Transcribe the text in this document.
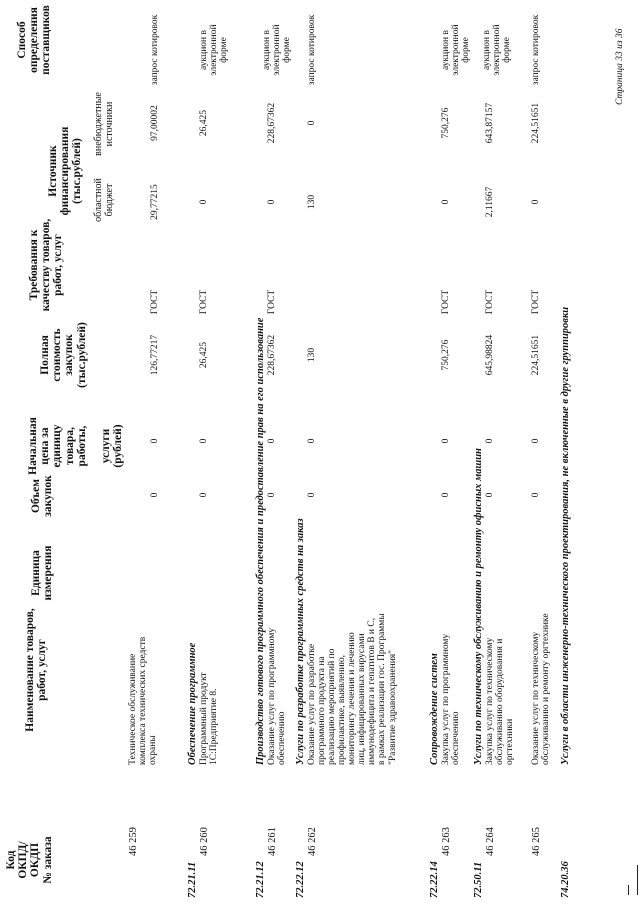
Код
ОКПД/
ОКДП
№ заказа
Наименование товаров,
работ, услуг
Единица
измерения
Объем
закупок
Начальная
цена за
единицу
товара,
работы,

услуги
(рублей)
Полная
стоимость
закупок
(тыс.рублей)
Требования к
качеству товаров,
работ, услуг
Источник
финансирования
(тыс.рублей) областной
бюджет
внебюджетные
источники
Способ
определения
поставщиков
46 259
Техническое обслуживание комплекса технических средств охраны
0
0
126,77217
ГОСТ
29,77215
97,00002
запрос котировок
72.21.11
Обеспечение программное
46 260
Программный продукт 1С:Предприятие 8.
0
0
26,425
ГОСТ
0
26,425
аукцион в электронной форме
72.21.12
Производство готового программного обеспечения и предоставление прав на его использование
46 261
Оказание услуг по программному обеспечению
0
0
228,67362
ГОСТ
0
228,67362
аукцион в электронной форме
72.22.12
Услуги по разработке программных средств на заказ
46 262
Оказание услуг по разработке программного продукта на реализацию мероприятий по профилактике, выявлению, мониторингу лечения и лечению лиц, инфицированных вирусами иммунодефицита и гепатитов В и С, в рамках реализации гос. Программы "Развитие здравоохранения"
0
0
130
130
0
запрос котировок
72.22.14
Сопровождение систем
46 263
Закупка услуг по программному обеспечению
0
0
750,276
ГОСТ
0
750,276
аукцион в электронной форме
72.50.11
Услуги по техническому обслуживанию и ремонту офисных машин
46 264
Закупка услуг по техническому обслуживанию оборудования и оргтехники
0
0
645,98824
ГОСТ
2,11667
643,87157
аукцион в электронной форме
46 265
Оказание услуг по техническому обслуживанию и ремонту оргтехнике
0
0
224,51651
ГОСТ
0
224,51651
запрос котировок
74.20.36
Услуги в области инженерно-технического проектирования, не включенные в другие группировки
Страница 33 из 36
